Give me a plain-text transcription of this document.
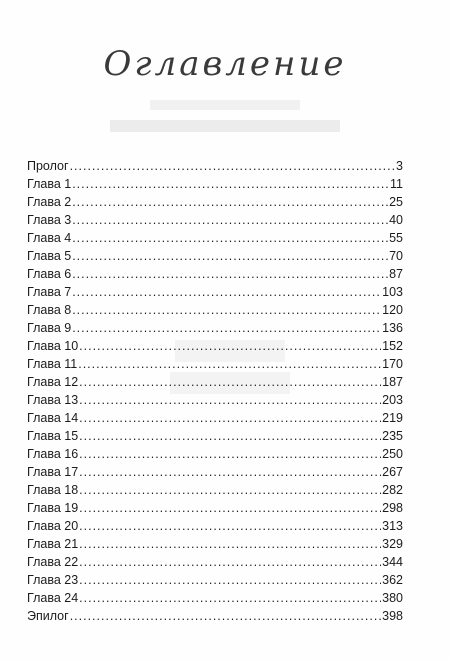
Оглавление
Пролог .....	3
Глава 1 .....	11
Глава 2 .....	25
Глава 3 .....	40
Глава 4 .....	55
Глава 5 .....	70
Глава 6 .....	87
Глава 7 .....	103
Глава 8 .....	120
Глава 9 .....	136
Глава 10 .....	152
Глава 11 .....	170
Глава 12 .....	187
Глава 13 .....	203
Глава 14 .....	219
Глава 15 .....	235
Глава 16 .....	250
Глава 17 .....	267
Глава 18 .....	282
Глава 19 .....	298
Глава 20 .....	313
Глава 21 .....	329
Глава 22 .....	344
Глава 23 .....	362
Глава 24 .....	380
Эпилог .....	398
